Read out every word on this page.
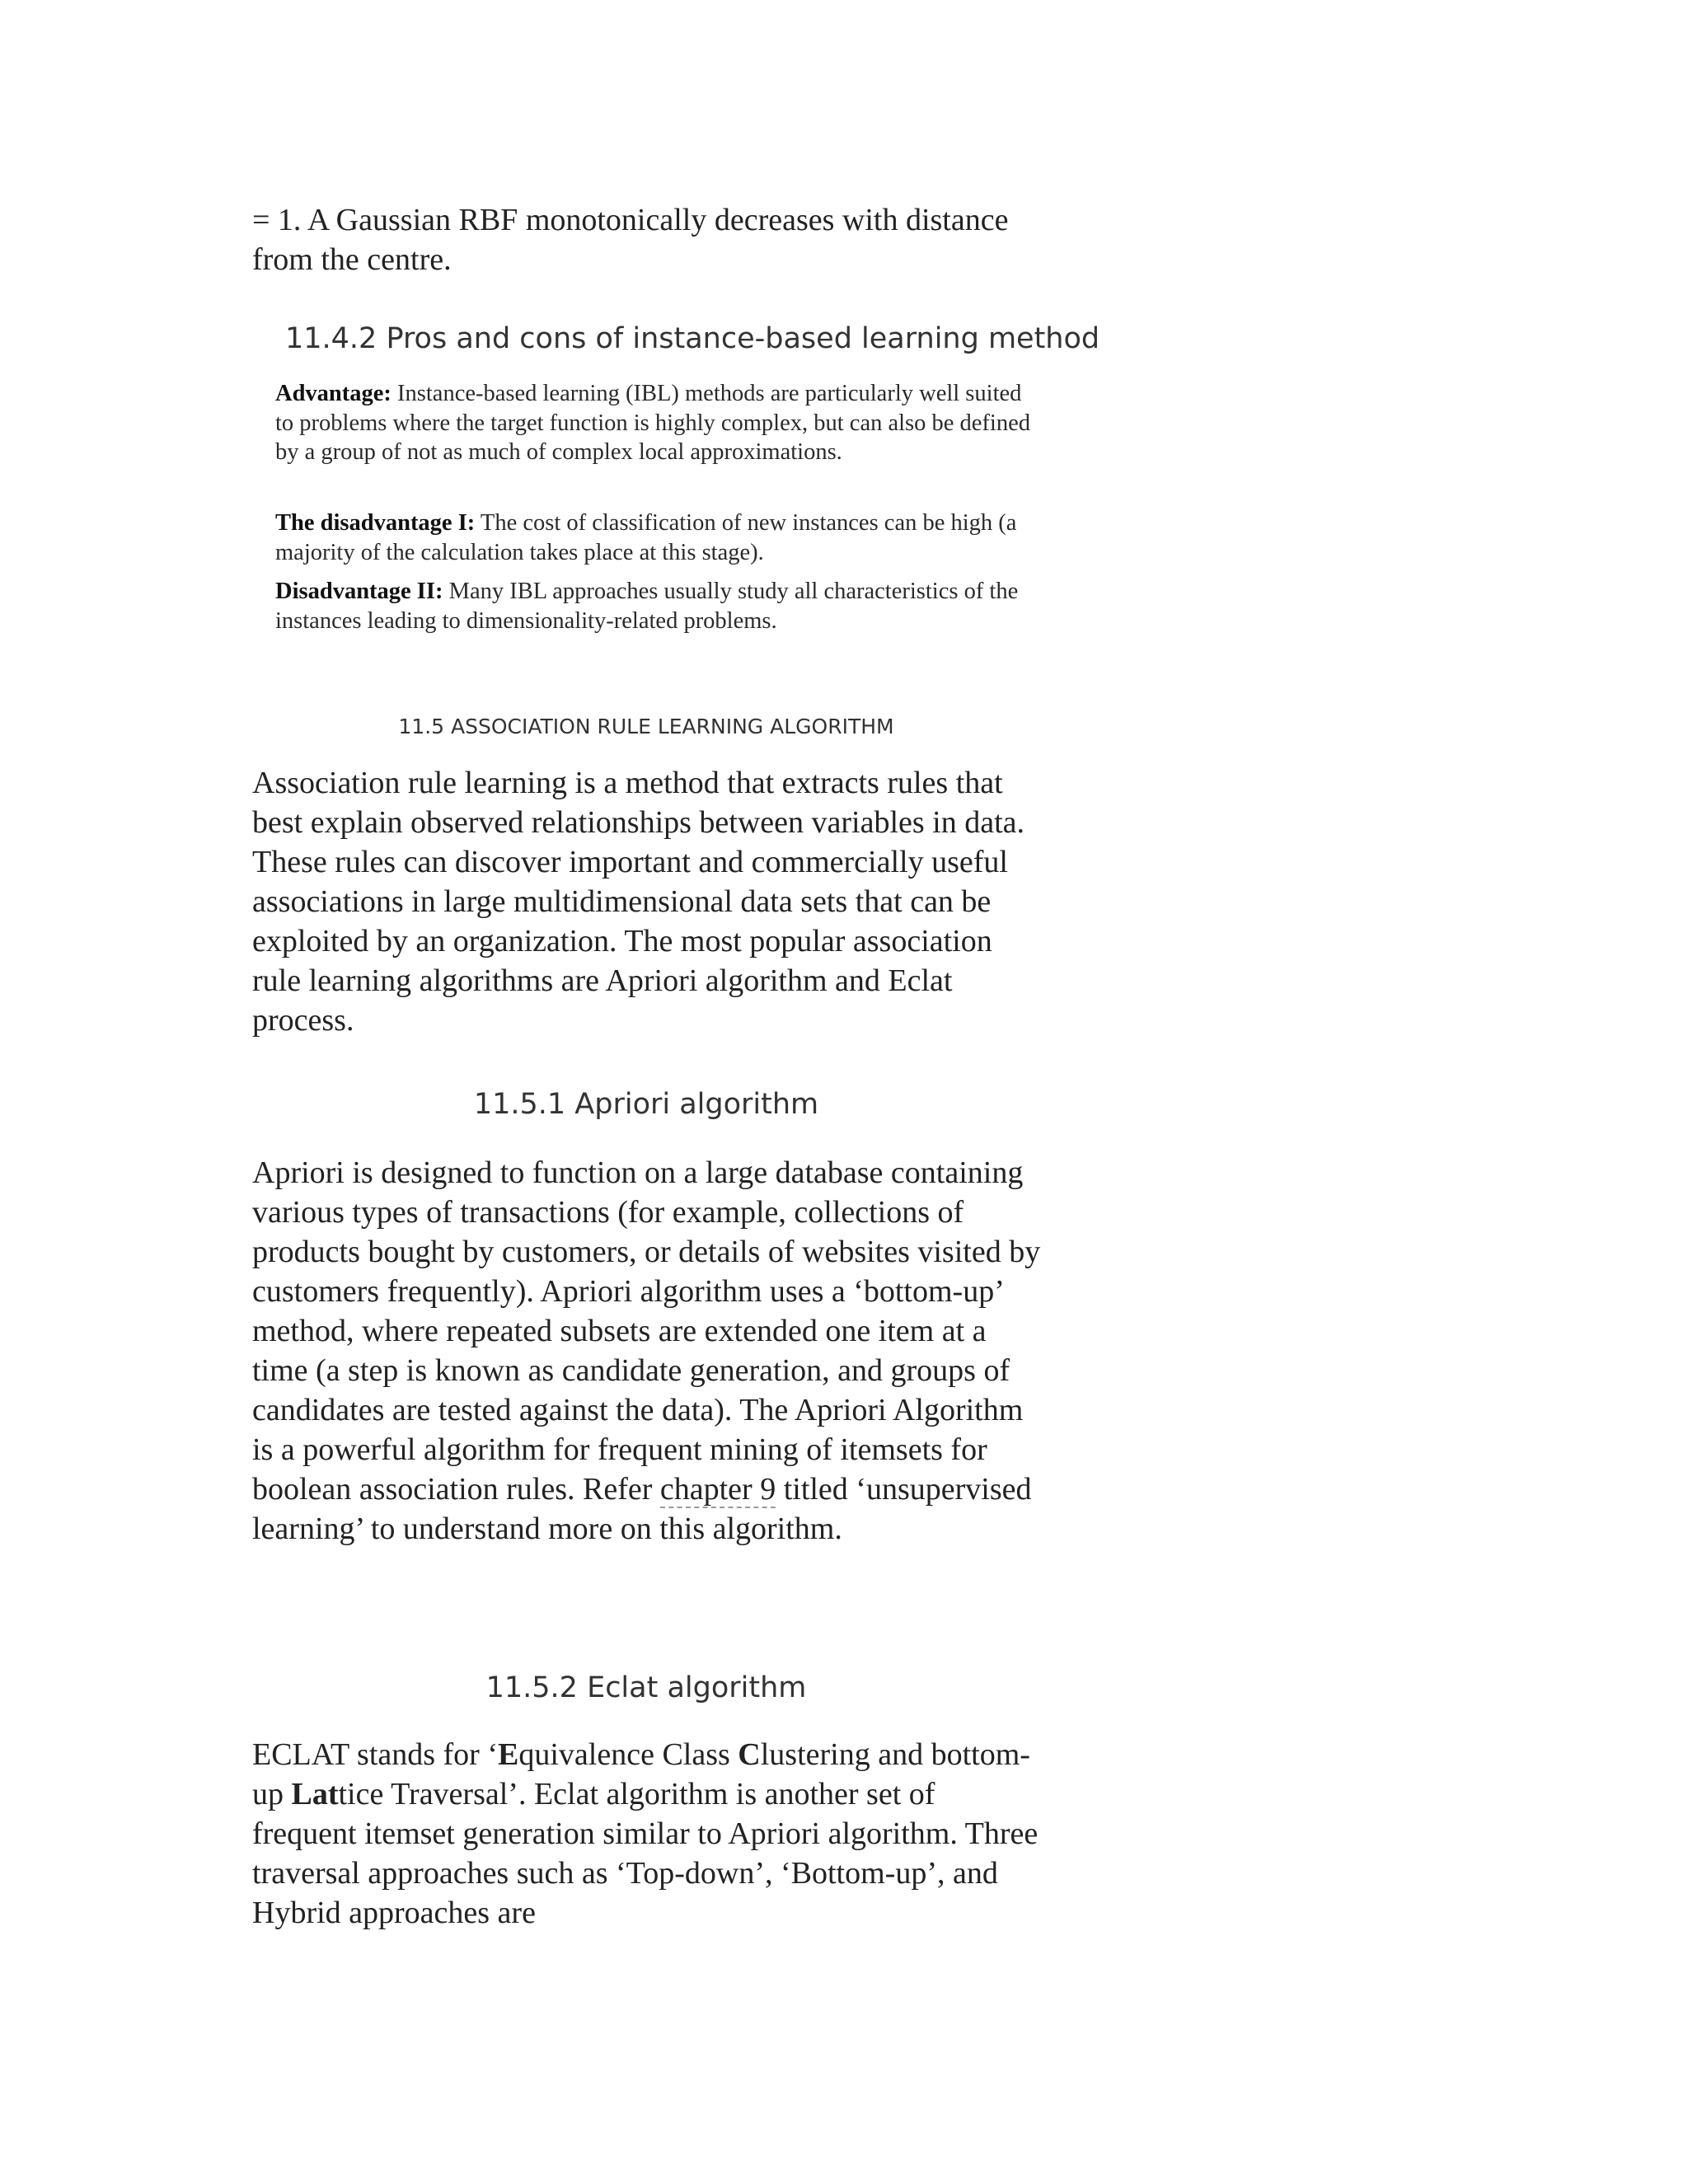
= 1. A Gaussian RBF monotonically decreases with distance from the centre.

11.4.2 Pros and cons of instance-based learning method

Advantage: Instance-based learning (IBL) methods are particularly well suited to problems where the target function is highly complex, but can also be defined by a group of not as much of complex local approximations.

The disadvantage I: The cost of classification of new instances can be high (a majority of the calculation takes place at this stage).

Disadvantage II: Many IBL approaches usually study all characteristics of the instances leading to dimensionality-related problems.

11.5 ASSOCIATION RULE LEARNING ALGORITHM

Association rule learning is a method that extracts rules that best explain observed relationships between variables in data. These rules can discover important and commercially useful associations in large multidimensional data sets that can be exploited by an organization. The most popular association rule learning algorithms are Apriori algorithm and Eclat process.

11.5.1 Apriori algorithm

Apriori is designed to function on a large database containing various types of transactions (for example, collections of products bought by customers, or details of websites visited by customers frequently). Apriori algorithm uses a ‘bottom-up’ method, where repeated subsets are extended one item at a time (a step is known as candidate generation, and groups of candidates are tested against the data). The Apriori Algorithm is a powerful algorithm for frequent mining of itemsets for boolean association rules. Refer chapter 9 titled ‘unsupervised learning’ to understand more on this algorithm.

11.5.2 Eclat algorithm

ECLAT stands for ‘Equivalence Class Clustering and bottom-up Lattice Traversal’. Eclat algorithm is another set of frequent itemset generation similar to Apriori algorithm. Three traversal approaches such as ‘Top-down’, ‘Bottom-up’, and Hybrid approaches are
